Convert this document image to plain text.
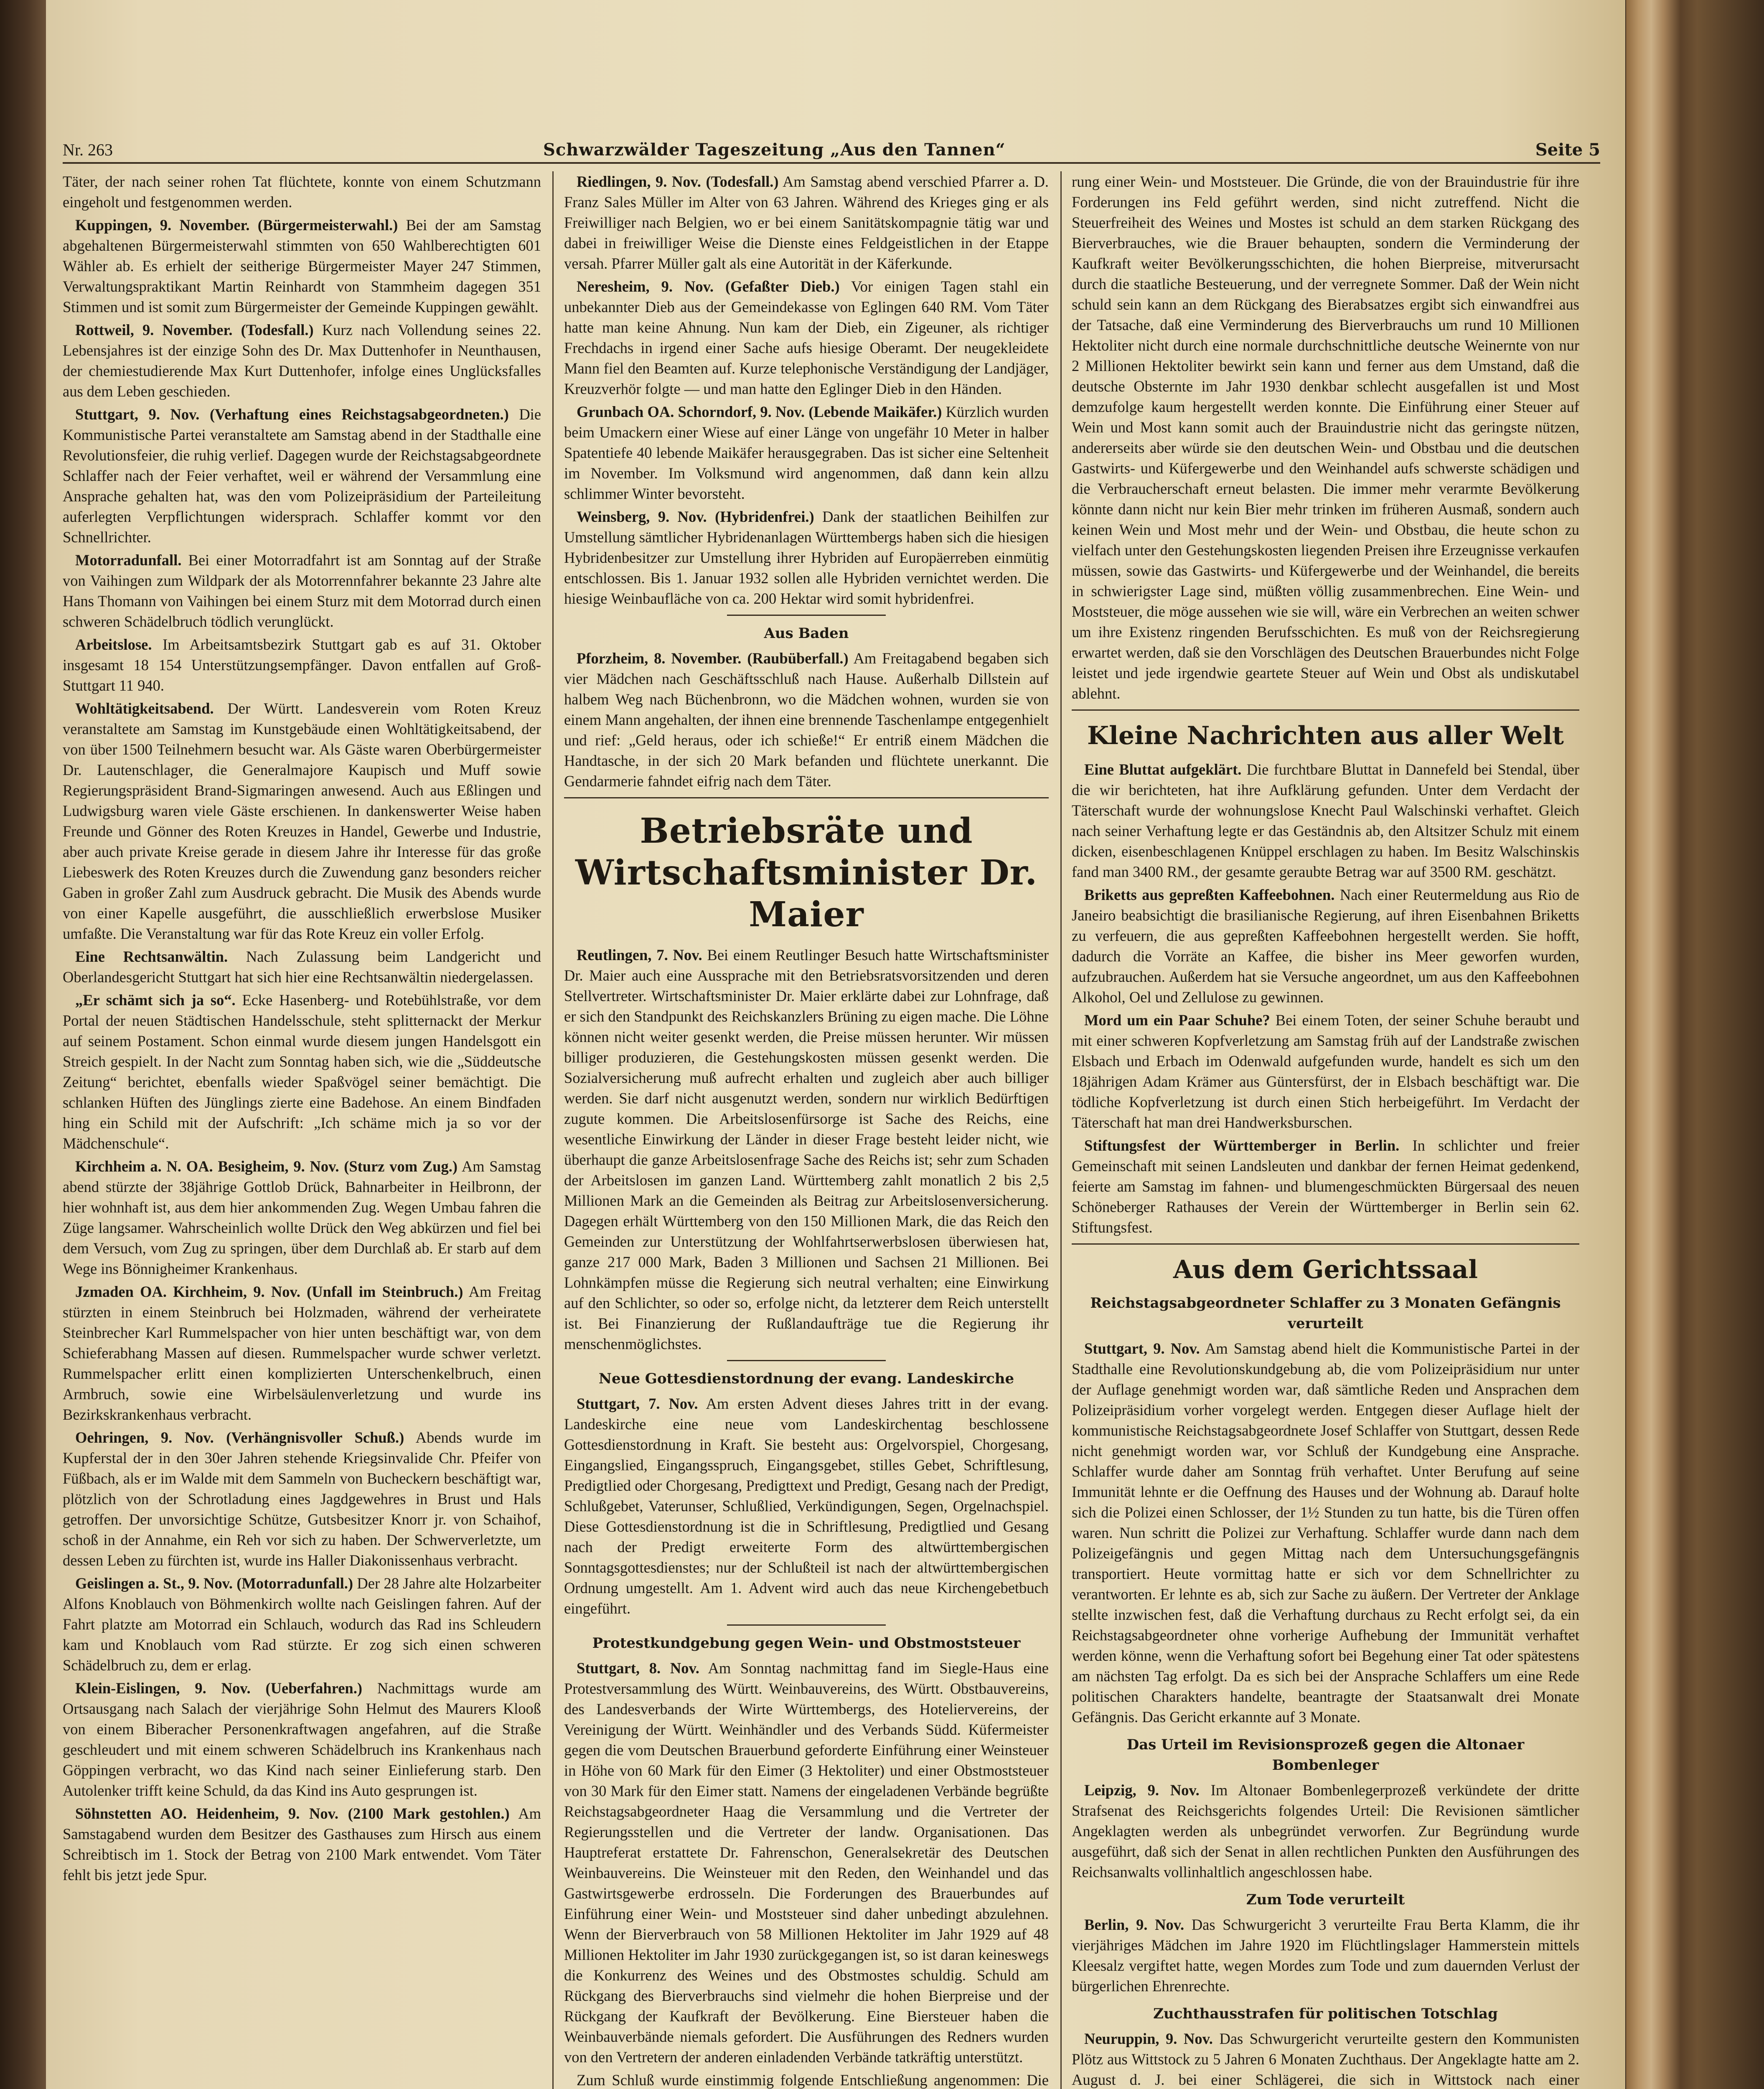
Nr. 263	Schwarzwälder Tageszeitung „Aus den Tannen“	Seite 5

Täter, der nach seiner rohen Tat flüchtete, konnte von einem Schutzmann eingeholt und festgenommen werden.

Kuppingen, 9. November. (Bürgermeisterwahl.) Bei der am Samstag abgehaltenen Bürgermeisterwahl stimmten von 650 Wahlberechtigten 601 Wähler ab. Es erhielt der seitherige Bürgermeister Mayer 247 Stimmen, Verwaltungspraktikant Martin Reinhardt von Stammheim dagegen 351 Stimmen und ist somit zum Bürgermeister der Gemeinde Kuppingen gewählt.

Rottweil, 9. November. (Todesfall.) Kurz nach Vollendung seines 22. Lebensjahres ist der einzige Sohn des Dr. Max Duttenhofer in Neunthausen, der chemiestudierende Max Kurt Duttenhofer, infolge eines Unglücksfalles aus dem Leben geschieden.

Stuttgart, 9. Nov. (Verhaftung eines Reichstagsabgeordneten.) Die Kommunistische Partei veranstaltete am Samstag abend in der Stadthalle eine Revolutionsfeier, die ruhig verlief. Dagegen wurde der Reichstagsabgeordnete Schlaffer nach der Feier verhaftet, weil er während der Versammlung eine Ansprache gehalten hat, was den vom Polizeipräsidium der Parteileitung auferlegten Verpflichtungen widersprach. Schlaffer kommt vor den Schnellrichter.

Motorradunfall. Bei einer Motorradfahrt ist am Sonntag auf der Straße von Vaihingen zum Wildpark der als Motorrennfahrer bekannte 23 Jahre alte Hans Thomann von Vaihingen bei einem Sturz mit dem Motorrad durch einen schweren Schädelbruch tödlich verunglückt.

Arbeitslose. Im Arbeitsamtsbezirk Stuttgart gab es auf 31. Oktober insgesamt 18 154 Unterstützungsempfänger. Davon entfallen auf Groß-Stuttgart 11 940.

Wohltätigkeitsabend. Der Württ. Landesverein vom Roten Kreuz veranstaltete am Samstag im Kunstgebäude einen Wohltätigkeitsabend, der von über 1500 Teilnehmern besucht war. Als Gäste waren Oberbürgermeister Dr. Lautenschlager, die Generalmajore Kaupisch und Muff sowie Regierungspräsident Brand-Sigmaringen anwesend. Auch aus Eßlingen und Ludwigsburg waren viele Gäste erschienen. In dankenswerter Weise haben Freunde und Gönner des Roten Kreuzes in Handel, Gewerbe und Industrie, aber auch private Kreise gerade in diesem Jahre ihr Interesse für das große Liebeswerk des Roten Kreuzes durch die Zuwendung ganz besonders reicher Gaben in großer Zahl zum Ausdruck gebracht. Die Musik des Abends wurde von einer Kapelle ausgeführt, die ausschließlich erwerbslose Musiker umfaßte. Die Veranstaltung war für das Rote Kreuz ein voller Erfolg.

Eine Rechtsanwältin. Nach Zulassung beim Landgericht und Oberlandesgericht Stuttgart hat sich hier eine Rechtsanwältin niedergelassen.

„Er schämt sich ja so“. Ecke Hasenberg- und Rotebühlstraße, vor dem Portal der neuen Städtischen Handelsschule, steht splitternackt der Merkur auf seinem Postament. Schon einmal wurde diesem jungen Handelsgott ein Streich gespielt. In der Nacht zum Sonntag haben sich, wie die „Süddeutsche Zeitung“ berichtet, ebenfalls wieder Spaßvögel seiner bemächtigt. Die schlanken Hüften des Jünglings zierte eine Badehose. An einem Bindfaden hing ein Schild mit der Aufschrift: „Ich schäme mich ja so vor der Mädchenschule“.

Kirchheim a. N. OA. Besigheim, 9. Nov. (Sturz vom Zug.) Am Samstag abend stürzte der 38jährige Gottlob Drück, Bahnarbeiter in Heilbronn, der hier wohnhaft ist, aus dem hier ankommenden Zug. Wegen Umbau fahren die Züge langsamer. Wahrscheinlich wollte Drück den Weg abkürzen und fiel bei dem Versuch, vom Zug zu springen, über dem Durchlaß ab. Er starb auf dem Wege ins Bönnigheimer Krankenhaus.

Jzmaden OA. Kirchheim, 9. Nov. (Unfall im Steinbruch.) Am Freitag stürzten in einem Steinbruch bei Holzmaden, während der verheiratete Steinbrecher Karl Rummelspacher von hier unten beschäftigt war, von dem Schieferabhang Massen auf diesen. Rummelspacher wurde schwer verletzt. Rummelspacher erlitt einen komplizierten Unterschenkelbruch, einen Armbruch, sowie eine Wirbelsäulenverletzung und wurde ins Bezirkskrankenhaus verbracht.

Oehringen, 9. Nov. (Verhängnisvoller Schuß.) Abends wurde im Kupferstal der in den 30er Jahren stehende Kriegsinvalide Chr. Pfeifer von Füßbach, als er im Walde mit dem Sammeln von Bucheckern beschäftigt war, plötzlich von der Schrotladung eines Jagdgewehres in Brust und Hals getroffen. Der unvorsichtige Schütze, Gutsbesitzer Knorr jr. von Schaihof, schoß in der Annahme, ein Reh vor sich zu haben. Der Schwerverletzte, um dessen Leben zu fürchten ist, wurde ins Haller Diakonissenhaus verbracht.

Geislingen a. St., 9. Nov. (Motorradunfall.) Der 28 Jahre alte Holzarbeiter Alfons Knoblauch von Böhmenkirch wollte nach Geislingen fahren. Auf der Fahrt platzte am Motorrad ein Schlauch, wodurch das Rad ins Schleudern kam und Knoblauch vom Rad stürzte. Er zog sich einen schweren Schädelbruch zu, dem er erlag.

Klein-Eislingen, 9. Nov. (Ueberfahren.) Nachmittags wurde am Ortsausgang nach Salach der vierjährige Sohn Helmut des Maurers Klooß von einem Biberacher Personenkraftwagen angefahren, auf die Straße geschleudert und mit einem schweren Schädelbruch ins Krankenhaus nach Göppingen verbracht, wo das Kind nach seiner Einlieferung starb. Den Autolenker trifft keine Schuld, da das Kind ins Auto gesprungen ist.

Söhnstetten AO. Heidenheim, 9. Nov. (2100 Mark gestohlen.) Am Samstagabend wurden dem Besitzer des Gasthauses zum Hirsch aus einem Schreibtisch im 1. Stock der Betrag von 2100 Mark entwendet. Vom Täter fehlt bis jetzt jede Spur.

Riedlingen, 9. Nov. (Todesfall.) Am Samstag abend verschied Pfarrer a. D. Franz Sales Müller im Alter von 63 Jahren. Während des Krieges ging er als Freiwilliger nach Belgien, wo er bei einem Sanitätskompagnie tätig war und dabei in freiwilliger Weise die Dienste eines Feldgeistlichen in der Etappe versah. Pfarrer Müller galt als eine Autorität in der Käferkunde.

Neresheim, 9. Nov. (Gefaßter Dieb.) Vor einigen Tagen stahl ein unbekannter Dieb aus der Gemeindekasse von Eglingen 640 RM. Vom Täter hatte man keine Ahnung. Nun kam der Dieb, ein Zigeuner, als richtiger Frechdachs in irgend einer Sache aufs hiesige Oberamt. Der neugekleidete Mann fiel den Beamten auf. Kurze telephonische Verständigung der Landjäger, Kreuzverhör folgte — und man hatte den Eglinger Dieb in den Händen.

Grunbach OA. Schorndorf, 9. Nov. (Lebende Maikäfer.) Kürzlich wurden beim Umackern einer Wiese auf einer Länge von ungefähr 10 Meter in halber Spatentiefe 40 lebende Maikäfer herausgegraben. Das ist sicher eine Seltenheit im November. Im Volksmund wird angenommen, daß dann kein allzu schlimmer Winter bevorsteht.

Weinsberg, 9. Nov. (Hybridenfrei.) Dank der staatlichen Beihilfen zur Umstellung sämtlicher Hybridenanlagen Württembergs haben sich die hiesigen Hybridenbesitzer zur Umstellung ihrer Hybriden auf Europäerreben einmütig entschlossen. Bis 1. Januar 1932 sollen alle Hybriden vernichtet werden. Die hiesige Weinbaufläche von ca. 200 Hektar wird somit hybridenfrei.

Aus Baden

Pforzheim, 8. November. (Raubüberfall.) Am Freitagabend begaben sich vier Mädchen nach Geschäftsschluß nach Hause. Außerhalb Dillstein auf halbem Weg nach Büchenbronn, wo die Mädchen wohnen, wurden sie von einem Mann angehalten, der ihnen eine brennende Taschenlampe entgegenhielt und rief: „Geld heraus, oder ich schieße!“ Er entriß einem Mädchen die Handtasche, in der sich 20 Mark befanden und flüchtete unerkannt. Die Gendarmerie fahndet eifrig nach dem Täter.

Betriebsräte und Wirtschaftsminister Dr. Maier

Reutlingen, 7. Nov. Bei einem Reutlinger Besuch hatte Wirtschaftsminister Dr. Maier auch eine Aussprache mit den Betriebsratsvorsitzenden und deren Stellvertreter. Wirtschaftsminister Dr. Maier erklärte dabei zur Lohnfrage, daß er sich den Standpunkt des Reichskanzlers Brüning zu eigen mache. Die Löhne können nicht weiter gesenkt werden, die Preise müssen herunter. Wir müssen billiger produzieren, die Gestehungskosten müssen gesenkt werden. Die Sozialversicherung muß aufrecht erhalten und zugleich aber auch billiger werden. Sie darf nicht ausgenutzt werden, sondern nur wirklich Bedürftigen zugute kommen. Die Arbeitslosenfürsorge ist Sache des Reichs, eine wesentliche Einwirkung der Länder in dieser Frage besteht leider nicht, wie überhaupt die ganze Arbeitslosenfrage Sache des Reichs ist; sehr zum Schaden der Arbeitslosen im ganzen Land. Württemberg zahlt monatlich 2 bis 2,5 Millionen Mark an die Gemeinden als Beitrag zur Arbeitslosenversicherung. Dagegen erhält Württemberg von den 150 Millionen Mark, die das Reich den Gemeinden zur Unterstützung der Wohlfahrtserwerbslosen überwiesen hat, ganze 217 000 Mark, Baden 3 Millionen und Sachsen 21 Millionen. Bei Lohnkämpfen müsse die Regierung sich neutral verhalten; eine Einwirkung auf den Schlichter, so oder so, erfolge nicht, da letzterer dem Reich unterstellt ist. Bei Finanzierung der Rußlandaufträge tue die Regierung ihr menschenmöglichstes.

Neue Gottesdienstordnung der evang. Landeskirche

Stuttgart, 7. Nov. Am ersten Advent dieses Jahres tritt in der evang. Landeskirche eine neue vom Landeskirchentag beschlossene Gottesdienstordnung in Kraft. Sie besteht aus: Orgelvorspiel, Chorgesang, Eingangslied, Eingangsspruch, Eingangsgebet, stilles Gebet, Schriftlesung, Predigtlied oder Chorgesang, Predigttext und Predigt, Gesang nach der Predigt, Schlußgebet, Vaterunser, Schlußlied, Verkündigungen, Segen, Orgelnachspiel. Diese Gottesdienstordnung ist die in Schriftlesung, Predigtlied und Gesang nach der Predigt erweiterte Form des altwürttembergischen Sonntagsgottesdienstes; nur der Schlußteil ist nach der altwürttembergischen Ordnung umgestellt. Am 1. Advent wird auch das neue Kirchengebetbuch eingeführt.

Protestkundgebung gegen Wein- und Obstmoststeuer

Stuttgart, 8. Nov. Am Sonntag nachmittag fand im Siegle-Haus eine Protestversammlung des Württ. Weinbauvereins, des Württ. Obstbauvereins, des Landesverbands der Wirte Württembergs, des Hoteliervereins, der Vereinigung der Württ. Weinhändler und des Verbands Südd. Küfermeister gegen die vom Deutschen Brauerbund geforderte Einführung einer Weinsteuer in Höhe von 60 Mark für den Eimer (3 Hektoliter) und einer Obstmoststeuer von 30 Mark für den Eimer statt. Namens der eingeladenen Verbände begrüßte Reichstagsabgeordneter Haag die Versammlung und die Vertreter der Regierungsstellen und die Vertreter der landw. Organisationen. Das Hauptreferat erstattete Dr. Fahrenschon, Generalsekretär des Deutschen Weinbauvereins. Die Weinsteuer mit den Reden, den Weinhandel und das Gastwirtsgewerbe erdrosseln. Die Forderungen des Brauerbundes auf Einführung einer Wein- und Moststeuer sind daher unbedingt abzulehnen. Wenn der Bierverbrauch von 58 Millionen Hektoliter im Jahr 1929 auf 48 Millionen Hektoliter im Jahr 1930 zurückgegangen ist, so ist daran keineswegs die Konkurrenz des Weines und des Obstmostes schuldig. Schuld am Rückgang des Bierverbrauchs sind vielmehr die hohen Bierpreise und der Rückgang der Kaufkraft der Bevölkerung. Eine Biersteuer haben die Weinbauverbände niemals gefordert. Die Ausführungen des Redners wurden von den Vertretern der anderen einladenden Verbände tatkräftig unterstützt.

Zum Schluß wurde einstimmig folgende Entschließung angenommen: Die

rung einer Wein- und Moststeuer. Die Gründe, die von der Brauindustrie für ihre Forderungen ins Feld geführt werden, sind nicht zutreffend. Nicht die Steuerfreiheit des Weines und Mostes ist schuld an dem starken Rückgang des Bierverbrauches, wie die Brauer behaupten, sondern die Verminderung der Kaufkraft weiter Bevölkerungsschichten, die hohen Bierpreise, mitverursacht durch die staatliche Besteuerung, und der verregnete Sommer. Daß der Wein nicht schuld sein kann an dem Rückgang des Bierabsatzes ergibt sich einwandfrei aus der Tatsache, daß eine Verminderung des Bierverbrauchs um rund 10 Millionen Hektoliter nicht durch eine normale durchschnittliche deutsche Weinernte von nur 2 Millionen Hektoliter bewirkt sein kann und ferner aus dem Umstand, daß die deutsche Obsternte im Jahr 1930 denkbar schlecht ausgefallen ist und Most demzufolge kaum hergestellt werden konnte. Die Einführung einer Steuer auf Wein und Most kann somit auch der Brauindustrie nicht das geringste nützen, andererseits aber würde sie den deutschen Wein- und Obstbau und die deutschen Gastwirts- und Küfergewerbe und den Weinhandel aufs schwerste schädigen und die Verbraucherschaft erneut belasten. Die immer mehr verarmte Bevölkerung könnte dann nicht nur kein Bier mehr trinken im früheren Ausmaß, sondern auch keinen Wein und Most mehr und der Wein- und Obstbau, die heute schon zu vielfach unter den Gestehungskosten liegenden Preisen ihre Erzeugnisse verkaufen müssen, sowie das Gastwirts- und Küfergewerbe und der Weinhandel, die bereits in schwierigster Lage sind, müßten völlig zusammenbrechen. Eine Wein- und Moststeuer, die möge aussehen wie sie will, wäre ein Verbrechen an weiten schwer um ihre Existenz ringenden Berufsschichten. Es muß von der Reichsregierung erwartet werden, daß sie den Vorschlägen des Deutschen Brauerbundes nicht Folge leistet und jede irgendwie geartete Steuer auf Wein und Obst als undiskutabel ablehnt.

Kleine Nachrichten aus aller Welt

Eine Bluttat aufgeklärt. Die furchtbare Bluttat in Dannefeld bei Stendal, über die wir berichteten, hat ihre Aufklärung gefunden. Unter dem Verdacht der Täterschaft wurde der wohnungslose Knecht Paul Walschinski verhaftet. Gleich nach seiner Verhaftung legte er das Geständnis ab, den Altsitzer Schulz mit einem dicken, eisenbeschlagenen Knüppel erschlagen zu haben. Im Besitz Walschinskis fand man 3400 RM., der gesamte geraubte Betrag war auf 3500 RM. geschätzt.

Briketts aus gepreßten Kaffeebohnen. Nach einer Reutermeldung aus Rio de Janeiro beabsichtigt die brasilianische Regierung, auf ihren Eisenbahnen Briketts zu verfeuern, die aus gepreßten Kaffeebohnen hergestellt werden. Sie hofft, dadurch die Vorräte an Kaffee, die bisher ins Meer geworfen wurden, aufzubrauchen. Außerdem hat sie Versuche angeordnet, um aus den Kaffeebohnen Alkohol, Oel und Zellulose zu gewinnen.

Mord um ein Paar Schuhe? Bei einem Toten, der seiner Schuhe beraubt und mit einer schweren Kopfverletzung am Samstag früh auf der Landstraße zwischen Elsbach und Erbach im Odenwald aufgefunden wurde, handelt es sich um den 18jährigen Adam Krämer aus Güntersfürst, der in Elsbach beschäftigt war. Die tödliche Kopfverletzung ist durch einen Stich herbeigeführt. Im Verdacht der Täterschaft hat man drei Handwerksburschen.

Stiftungsfest der Württemberger in Berlin. In schlichter und freier Gemeinschaft mit seinen Landsleuten und dankbar der fernen Heimat gedenkend, feierte am Samstag im fahnen- und blumengeschmückten Bürgersaal des neuen Schöneberger Rathauses der Verein der Württemberger in Berlin sein 62. Stiftungsfest.

Aus dem Gerichtssaal
Reichstagsabgeordneter Schlaffer zu 3 Monaten Gefängnis verurteilt

Stuttgart, 9. Nov. Am Samstag abend hielt die Kommunistische Partei in der Stadthalle eine Revolutionskundgebung ab, die vom Polizeipräsidium nur unter der Auflage genehmigt worden war, daß sämtliche Reden und Ansprachen dem Polizeipräsidium vorher vorgelegt werden. Entgegen dieser Auflage hielt der kommunistische Reichstagsabgeordnete Josef Schlaffer von Stuttgart, dessen Rede nicht genehmigt worden war, vor Schluß der Kundgebung eine Ansprache. Schlaffer wurde daher am Sonntag früh verhaftet. Unter Berufung auf seine Immunität lehnte er die Oeffnung des Hauses und der Wohnung ab. Darauf holte sich die Polizei einen Schlosser, der 1½ Stunden zu tun hatte, bis die Türen offen waren. Nun schritt die Polizei zur Verhaftung. Schlaffer wurde dann nach dem Polizeigefängnis und gegen Mittag nach dem Untersuchungsgefängnis transportiert. Heute vormittag hatte er sich vor dem Schnellrichter zu verantworten. Er lehnte es ab, sich zur Sache zu äußern. Der Vertreter der Anklage stellte inzwischen fest, daß die Verhaftung durchaus zu Recht erfolgt sei, da ein Reichstagsabgeordneter ohne vorherige Aufhebung der Immunität verhaftet werden könne, wenn die Verhaftung sofort bei Begehung einer Tat oder spätestens am nächsten Tag erfolgt. Da es sich bei der Ansprache Schlaffers um eine Rede politischen Charakters handelte, beantragte der Staatsanwalt drei Monate Gefängnis. Das Gericht erkannte auf 3 Monate.

Das Urteil im Revisionsprozeß gegen die Altonaer Bombenleger

Leipzig, 9. Nov. Im Altonaer Bombenlegerprozeß verkündete der dritte Strafsenat des Reichsgerichts folgendes Urteil: Die Revisionen sämtlicher Angeklagten werden als unbegründet verworfen. Zur Begründung wurde ausgeführt, daß sich der Senat in allen rechtlichen Punkten den Ausführungen des Reichsanwalts vollinhaltlich angeschlossen habe.

Zum Tode verurteilt

Berlin, 9. Nov. Das Schwurgericht 3 verurteilte Frau Berta Klamm, die ihr vierjähriges Mädchen im Jahre 1920 im Flüchtlingslager Hammerstein mittels Kleesalz vergiftet hatte, wegen Mordes zum Tode und zum dauernden Verlust der bürgerlichen Ehrenrechte.

Zuchthausstrafen für politischen Totschlag

Neuruppin, 9. Nov. Das Schwurgericht verurteilte gestern den Kommunisten Plötz aus Wittstock zu 5 Jahren 6 Monaten Zuchthaus. Der Angeklagte hatte am 2. August d. J. bei einer Schlägerei, die sich in Wittstock nach einer
